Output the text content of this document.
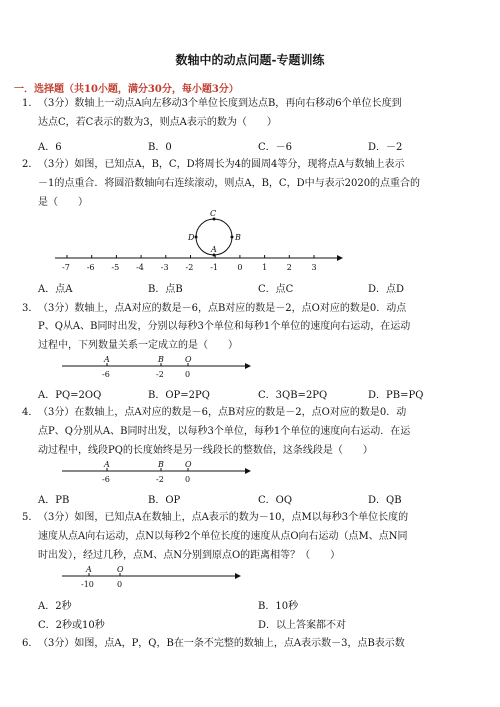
数轴中的动点问题-专题训练
一．选择题（共10小题，满分30分，每小题3分）
1． （3分）数轴上一动点A向左移动3个单位长度到达点B，再向右移动6个单位长度到
达点C，若C表示的数为3，则点A表示的数为（　　）
A．6	B．0	C．－6	D．－2
2． （3分）如图，已知点A，B，C，D将周长为4的圆周4等分，现将点A与数轴上表示
－1的点重合．将圆沿数轴向右连续滚动，则点A，B，C，D中与表示2020的点重合的
是（　　）
-7 -6 -5 -4 -3 -2 -1 0 1 2 3
C
A
B
D
A．点A	B．点B	C．点C	D．点D
3． （3分）数轴上，点A对应的数是－6，点B对应的数是－2，点O对应的数是0．动点
P、Q从A、B同时出发，分别以每秒3个单位和每秒1个单位的速度向右运动，在运动
过程中，下列数量关系一定成立的是（　　）
A	B	O
-6	-2	0
A．PQ=2OQ	B．OP=2PQ	C．3QB=2PQ	D．PB=PQ
4． （3分）在数轴上，点A对应的数是－6，点B对应的数是－2，点O对应的数是0．动
点P、Q分别从A、B同时出发，以每秒3个单位，每秒1个单位的速度向右运动．在运
动过程中，线段PQ的长度始终是另一线段长的整数倍，这条线段是（　　）
A	B	O
-6	-2	0
A．PB	B．OP	C．OQ	D．QB
5． （3分）如图，已知点A在数轴上，点A表示的数为－10，点M以每秒3个单位长度的
速度从点A向右运动，点N以每秒2个单位长度的速度从点O向右运动（点M、点N同
时出发），经过几秒，点M、点N分别到原点O的距离相等？（　　）
A	O
-10	0
A．2秒	B．10秒
C．2秒或10秒	D．以上答案都不对
6． （3分）如图，点A，P，Q，B在一条不完整的数轴上，点A表示数－3，点B表示数
